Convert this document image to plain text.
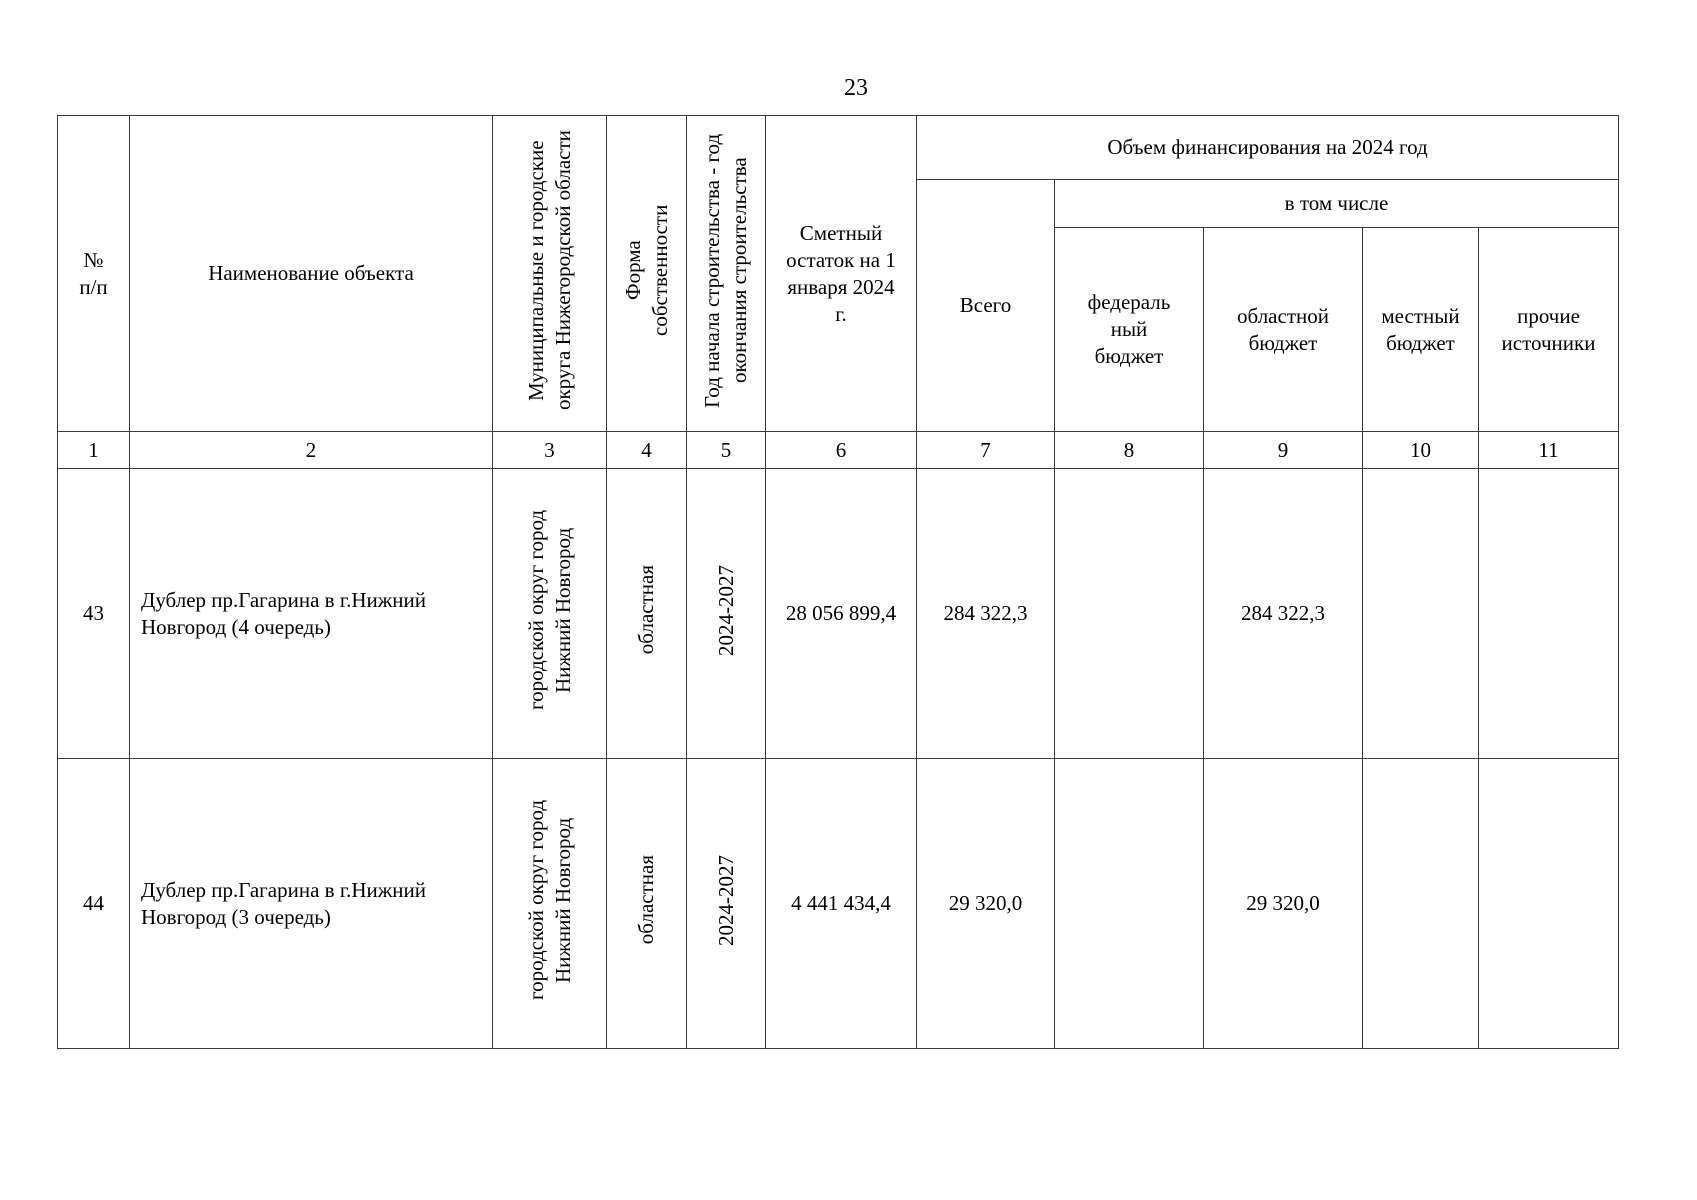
23
№ п/п	Наименование объекта	Муниципальные и городские округа Нижегородской области	Форма собственности	Год начала строительства - год окончания строительства	Сметный остаток на 1 января 2024 г.	Объем финансирования на 2024 год				
						Всего	в том числе			
							федераль ный бюджет	областной бюджет	местный бюджет	прочие источники
1	2	3	4	5	6	7	8	9	10	11
43	Дублер пр.Гагарина в г.Нижний Новгород (4 очередь)	городской округ город Нижний Новгород	областная	2024-2027	28 056 899,4	284 322,3		284 322,3		
44	Дублер пр.Гагарина в г.Нижний Новгород (3 очередь)	городской округ город Нижний Новгород	областная	2024-2027	4 441 434,4	29 320,0		29 320,0		
